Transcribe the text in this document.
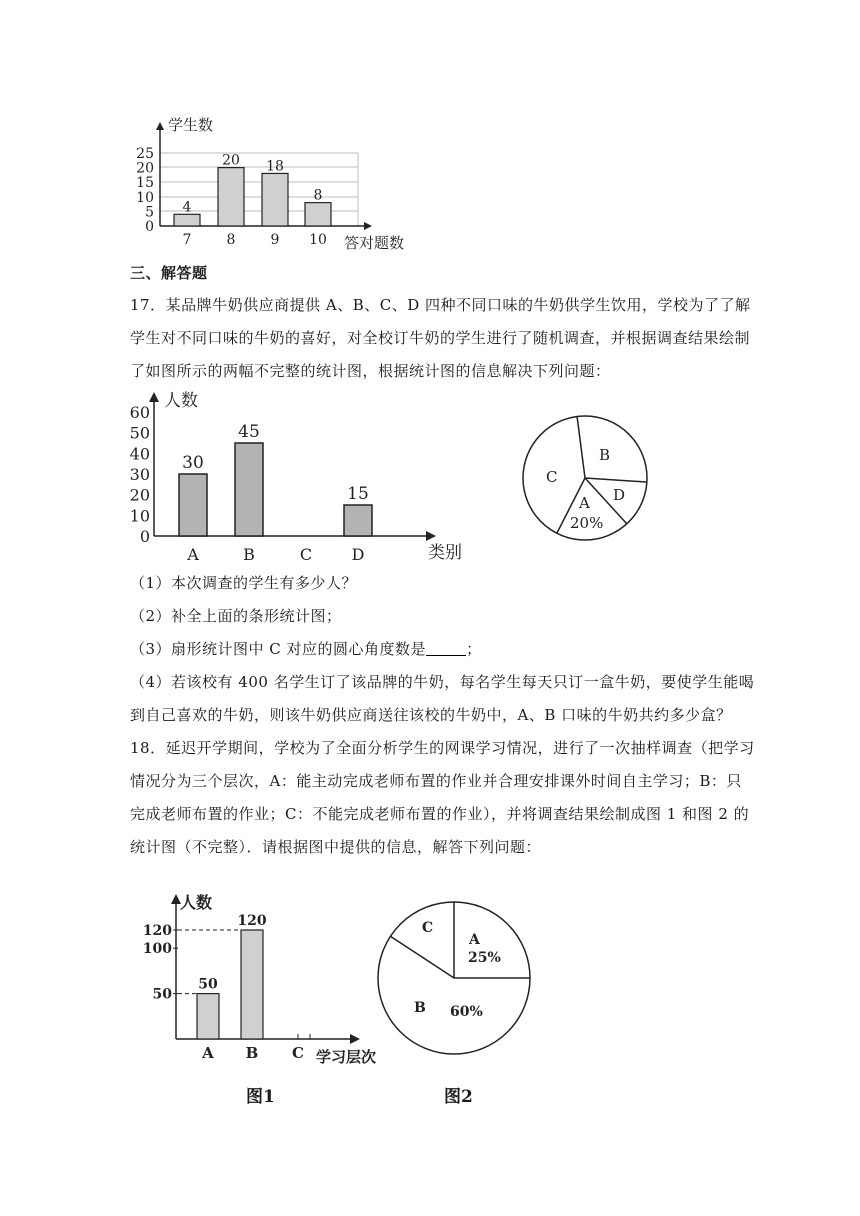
学生数
答对题数
0
5
10
15
20
25
4
7
20
8
18
9
8
10
三、解答题
17．某品牌牛奶供应商提供 A、B、C、D 四种不同口味的牛奶供学生饮用，学校为了了解
学生对不同口味的牛奶的喜好，对全校订牛奶的学生进行了随机调查，并根据调查结果绘制
了如图所示的两幅不完整的统计图，根据统计图的信息解决下列问题：
人数
类别
0
10
20
30
40
50
60
30
A
45
B	C
15
D
A
20%
B
C
D
（1）本次调查的学生有多少人？
（2）补全上面的条形统计图；
（3）扇形统计图中 C 对应的圆心角度数是	；
（4）若该校有 400 名学生订了该品牌的牛奶，每名学生每天只订一盒牛奶，要使学生能喝
到自己喜欢的牛奶，则该牛奶供应商送往该校的牛奶中，A、B 口味的牛奶共约多少盒？
18．延迟开学期间，学校为了全面分析学生的网课学习情况，进行了一次抽样调查（把学习
情况分为三个层次，A：能主动完成老师布置的作业并合理安排课外时间自主学习；B：只
完成老师布置的作业；C：不能完成老师布置的作业），并将调查结果绘制成图 1 和图 2 的
统计图（不完整）．请根据图中提供的信息，解答下列问题：
人数
学习层次
50
100
120
50
A
120
B C
图1
A
25%
B 60%
C
图2
